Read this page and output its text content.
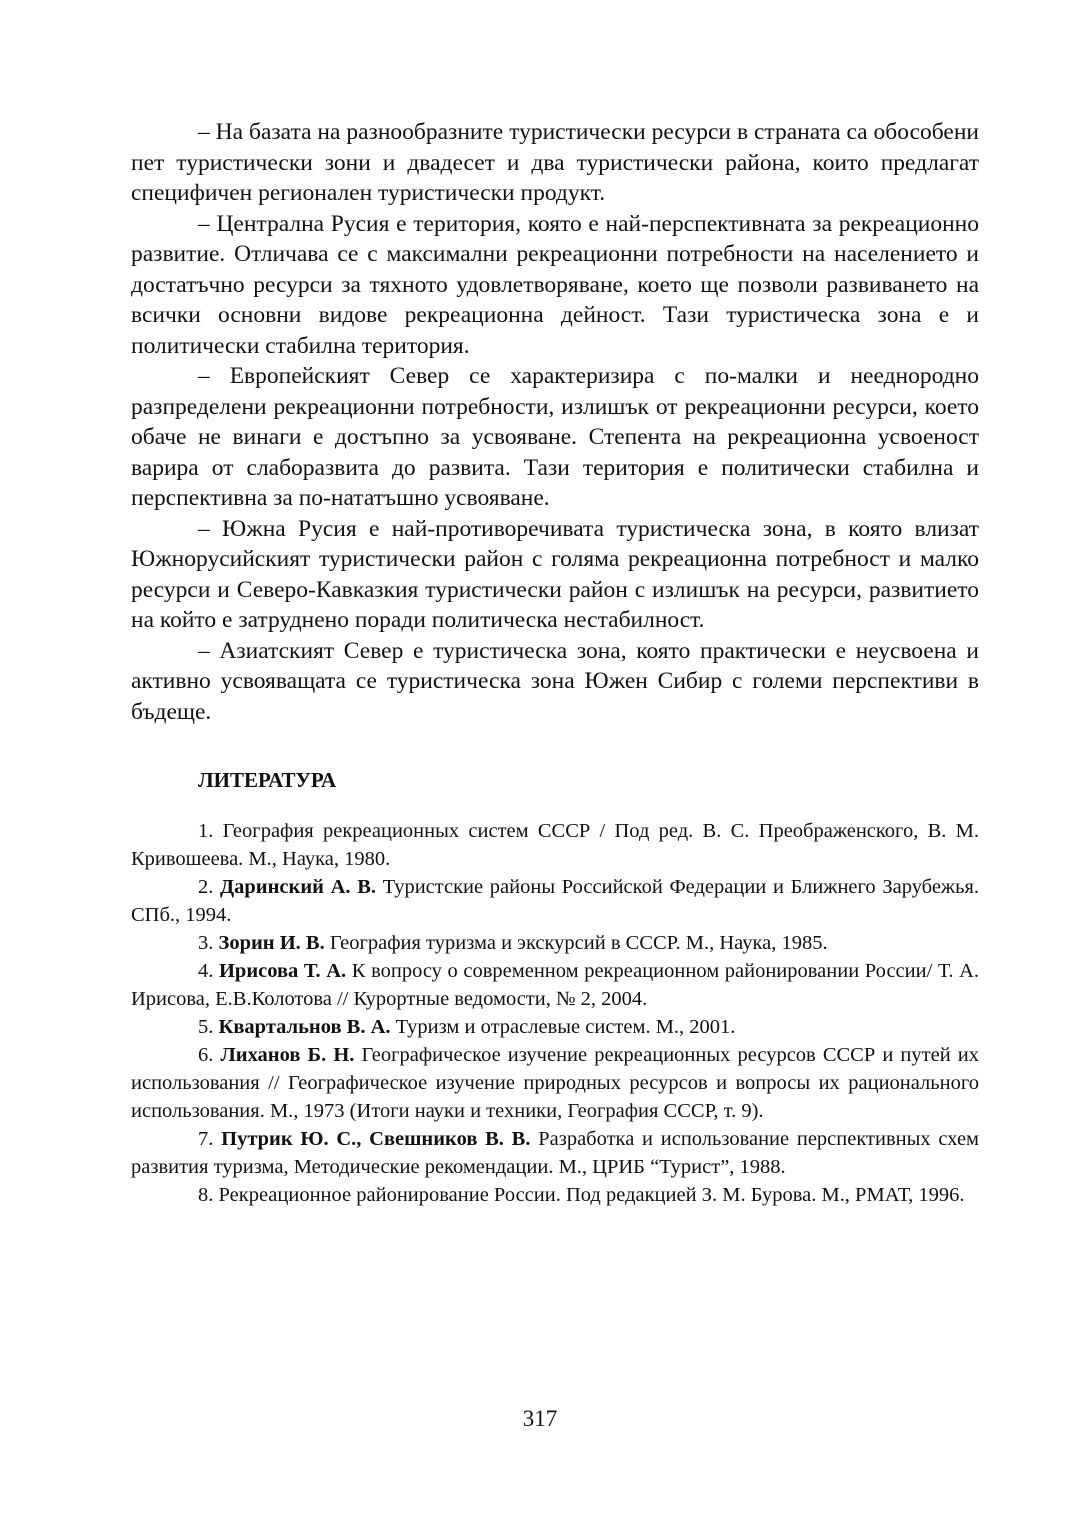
– На базата на разнообразните туристически ресурси в страната са обособени пет туристически зони и двадесет и два туристически района, които предлагат специфичен регионален туристически продукт.

– Централна Русия е територия, която е най-перспективната за рекреационно развитие. Отличава се с максимални рекреационни потребности на населението и достатъчно ресурси за тяхното удовлетворяване, което ще позволи развиването на всички основни видове рекреационна дейност. Тази туристическа зона е и политически стабилна територия.

– Европейският Север се характеризира с по-малки и нееднородно разпределени рекреационни потребности, излишък от рекреационни ресурси, което обаче не винаги е достъпно за усвояване. Степента на рекреационна усвоеност варира от слаборазвита до развита. Тази територия е политически стабилна и перспективна за по-нататъшно усвояване.

– Южна Русия е най-противоречивата туристическа зона, в която влизат Южнорусийският туристически район с голяма рекреационна потребност и малко ресурси и Северо-Кавказкия туристически район с излишък на ресурси, развитието на който е затруднено поради политическа нестабилност.

– Азиатският Север е туристическа зона, която практически е неусвоена и активно усвояващата се туристическа зона Южен Сибир с големи перспективи в бъдеще.

ЛИТЕРАТУРА

1. География рекреационных систем СССР / Под ред. В. С. Преображенского, В. М. Кривошеева. М., Наука, 1980.

2. Даринский А. В. Туристские районы Российской Федерации и Ближнего Зарубежья. СПб., 1994.

3. Зорин И. В. География туризма и экскурсий в СССР. М., Наука, 1985.

4. Ирисова Т. А. К вопросу о современном рекреационном районировании России/ Т. А. Ирисова, Е.В.Колотова // Курортные ведомости, № 2, 2004.

5. Квартальнов В. А. Туризм и отраслевые систем. М., 2001.

6. Лиханов Б. Н. Географическое изучение рекреационных ресурсов СССР и путей их использования // Географическое изучение природных ресурсов и вопросы их рационального использования. М., 1973 (Итоги науки и техники, География СССР, т. 9).

7. Путрик Ю. С., Свешников В. В. Разработка и использование перспективных схем развития туризма, Методические рекомендации. М., ЦРИБ “Турист”, 1988.

8. Рекреационное районирование России. Под редакцией З. М. Бурова. М., РМАТ, 1996.

317
